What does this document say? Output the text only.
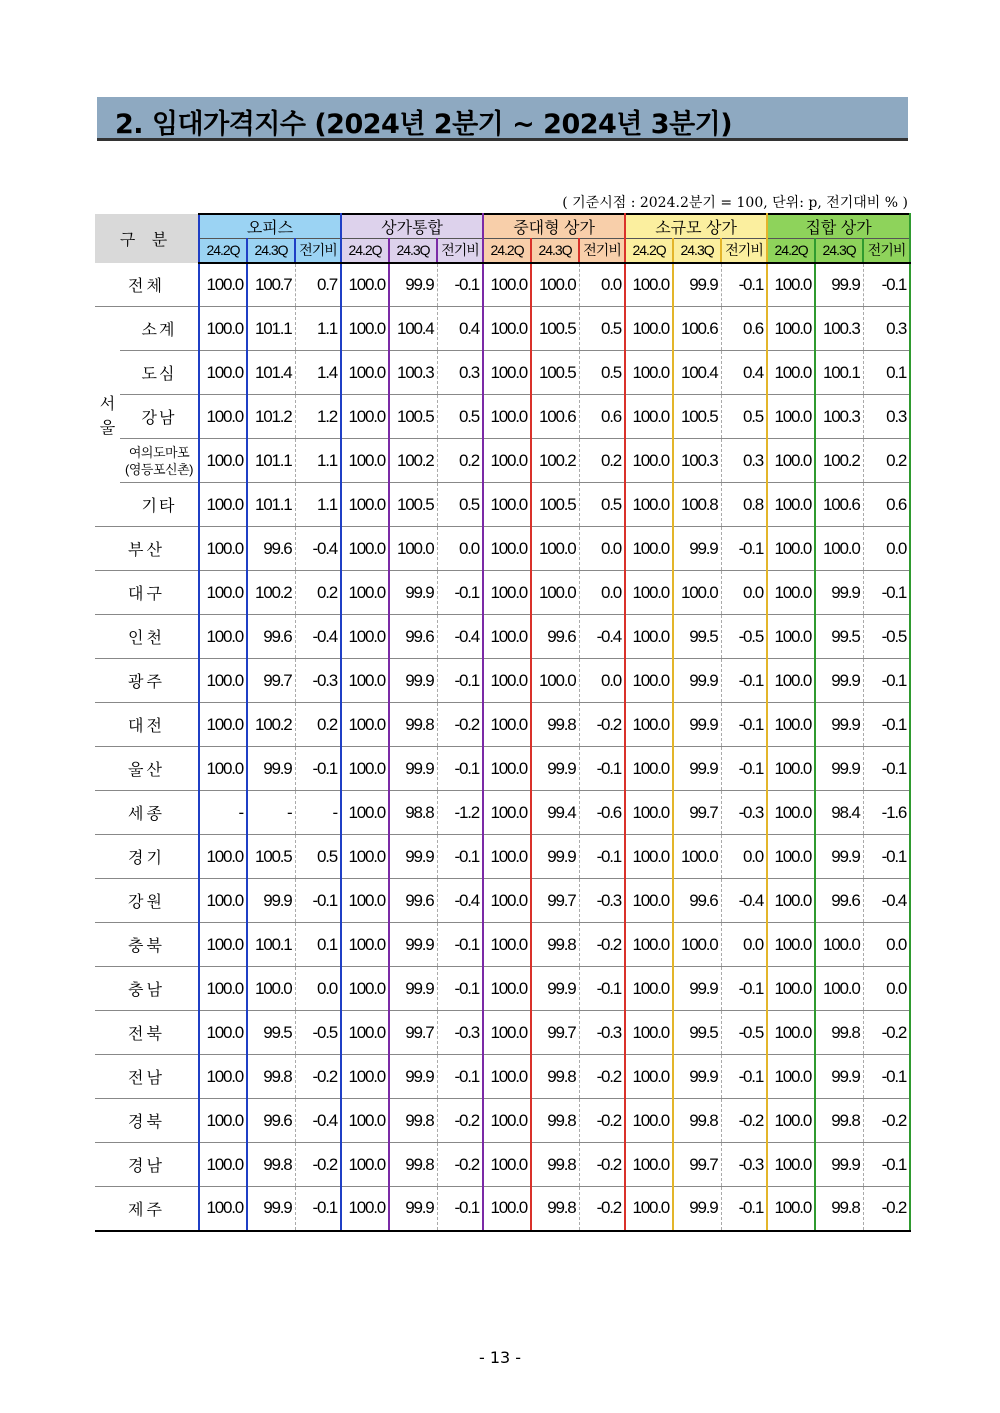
2. 임대가격지수 (2024년 2분기 ~ 2024년 3분기)
( 기준시점 : 2024.2분기 = 100, 단위: p, 전기대비 % )
구 분		오피스			상가통합			중대형 상가			소규모 상가			집합 상가		
		24.2Q	24.3Q	전기비	24.2Q	24.3Q	전기비	24.2Q	24.3Q	전기비	24.2Q	24.3Q	전기비	24.2Q	24.3Q	전기비
전체		100.0	100.7	0.7	100.0	99.9	-0.1	100.0	100.0	0.0	100.0	99.9	-0.1	100.0	99.9	-0.1
서울	소계	100.0	101.1	1.1	100.0	100.4	0.4	100.0	100.5	0.5	100.0	100.6	0.6	100.0	100.3	0.3
	도심	100.0	101.4	1.4	100.0	100.3	0.3	100.0	100.5	0.5	100.0	100.4	0.4	100.0	100.1	0.1
	강남	100.0	101.2	1.2	100.0	100.5	0.5	100.0	100.6	0.6	100.0	100.5	0.5	100.0	100.3	0.3
	여의도마포 (영등포신촌)	100.0	101.1	1.1	100.0	100.2	0.2	100.0	100.2	0.2	100.0	100.3	0.3	100.0	100.2	0.2
	기타	100.0	101.1	1.1	100.0	100.5	0.5	100.0	100.5	0.5	100.0	100.8	0.8	100.0	100.6	0.6
부산		100.0	99.6	-0.4	100.0	100.0	0.0	100.0	100.0	0.0	100.0	99.9	-0.1	100.0	100.0	0.0
대구		100.0	100.2	0.2	100.0	99.9	-0.1	100.0	100.0	0.0	100.0	100.0	0.0	100.0	99.9	-0.1
인천		100.0	99.6	-0.4	100.0	99.6	-0.4	100.0	99.6	-0.4	100.0	99.5	-0.5	100.0	99.5	-0.5
광주		100.0	99.7	-0.3	100.0	99.9	-0.1	100.0	100.0	0.0	100.0	99.9	-0.1	100.0	99.9	-0.1
대전		100.0	100.2	0.2	100.0	99.8	-0.2	100.0	99.8	-0.2	100.0	99.9	-0.1	100.0	99.9	-0.1
울산		100.0	99.9	-0.1	100.0	99.9	-0.1	100.0	99.9	-0.1	100.0	99.9	-0.1	100.0	99.9	-0.1
세종		-	-	-	100.0	98.8	-1.2	100.0	99.4	-0.6	100.0	99.7	-0.3	100.0	98.4	-1.6
경기		100.0	100.5	0.5	100.0	99.9	-0.1	100.0	99.9	-0.1	100.0	100.0	0.0	100.0	99.9	-0.1
강원		100.0	99.9	-0.1	100.0	99.6	-0.4	100.0	99.7	-0.3	100.0	99.6	-0.4	100.0	99.6	-0.4
충북		100.0	100.1	0.1	100.0	99.9	-0.1	100.0	99.8	-0.2	100.0	100.0	0.0	100.0	100.0	0.0
충남		100.0	100.0	0.0	100.0	99.9	-0.1	100.0	99.9	-0.1	100.0	99.9	-0.1	100.0	100.0	0.0
전북		100.0	99.5	-0.5	100.0	99.7	-0.3	100.0	99.7	-0.3	100.0	99.5	-0.5	100.0	99.8	-0.2
전남		100.0	99.8	-0.2	100.0	99.9	-0.1	100.0	99.8	-0.2	100.0	99.9	-0.1	100.0	99.9	-0.1
경북		100.0	99.6	-0.4	100.0	99.8	-0.2	100.0	99.8	-0.2	100.0	99.8	-0.2	100.0	99.8	-0.2
경남		100.0	99.8	-0.2	100.0	99.8	-0.2	100.0	99.8	-0.2	100.0	99.7	-0.3	100.0	99.9	-0.1
제주		100.0	99.9	-0.1	100.0	99.9	-0.1	100.0	99.8	-0.2	100.0	99.9	-0.1	100.0	99.8	-0.2
- 13 -
